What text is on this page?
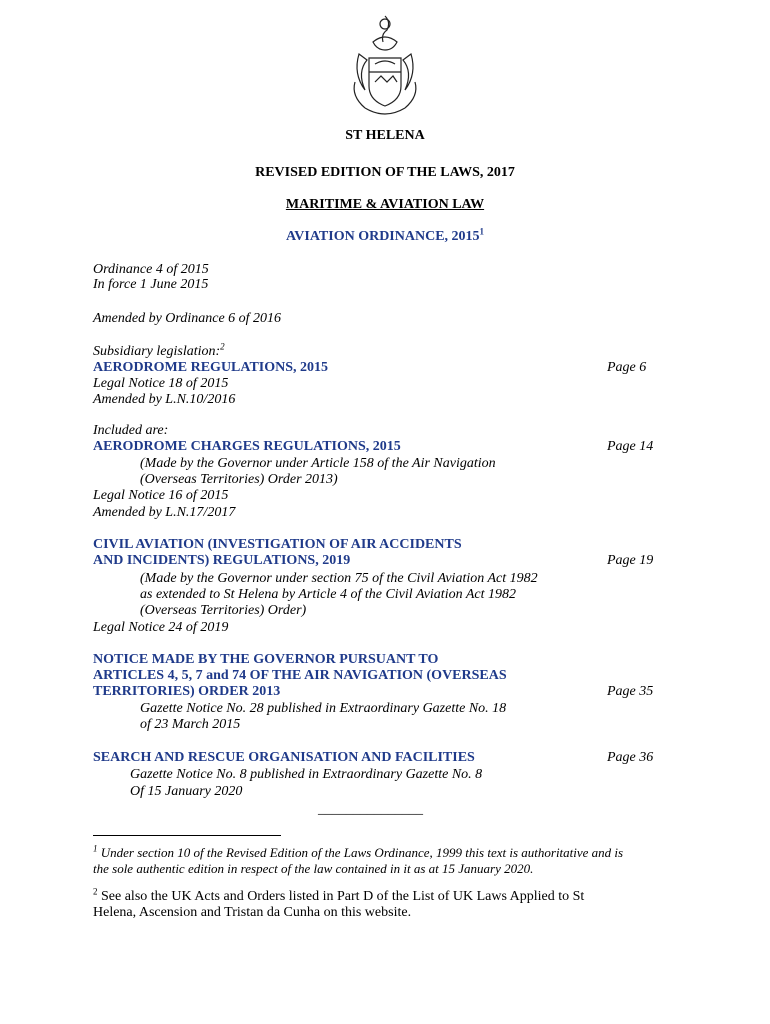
ST HELENA
REVISED EDITION OF THE LAWS, 2017
MARITIME & AVIATION LAW
AVIATION ORDINANCE, 2015$^1$
Ordinance 4 of 2015
In force 1 June 2015
Amended by Ordinance 6 of 2016
Subsidiary legislation:$^2$
AERODROME REGULATIONS, 2015	Page 6
Legal Notice 18 of 2015
Amended by L.N.10/2016
Included are:
AERODROME CHARGES REGULATIONS, 2015	Page 14
(Made by the Governor under Article 158 of the Air Navigation
(Overseas Territories) Order 2013)
Legal Notice 16 of 2015
Amended by L.N.17/2017
CIVIL AVIATION (INVESTIGATION OF AIR ACCIDENTS
AND INCIDENTS) REGULATIONS, 2019	Page 19
(Made by the Governor under section 75 of the Civil Aviation Act 1982
as extended to St Helena by Article 4 of the Civil Aviation Act 1982
(Overseas Territories) Order)
Legal Notice 24 of 2019
NOTICE MADE BY THE GOVERNOR PURSUANT TO
ARTICLES 4, 5, 7 and 74 OF THE AIR NAVIGATION (OVERSEAS
TERRITORIES) ORDER 2013	Page 35
Gazette Notice No. 28 published in Extraordinary Gazette No. 18
of 23 March 2015
SEARCH AND RESCUE ORGANISATION AND FACILITIES	Page 36
Gazette Notice No. 8 published in Extraordinary Gazette No. 8
Of 15 January 2020
_______________
$^1$ Under section 10 of the Revised Edition of the Laws Ordinance, 1999 this text is authoritative and is
the sole authentic edition in respect of the law contained in it as at 15 January 2020.
$^2$ See also the UK Acts and Orders listed in Part D of the List of UK Laws Applied to St
Helena, Ascension and Tristan da Cunha on this website.
